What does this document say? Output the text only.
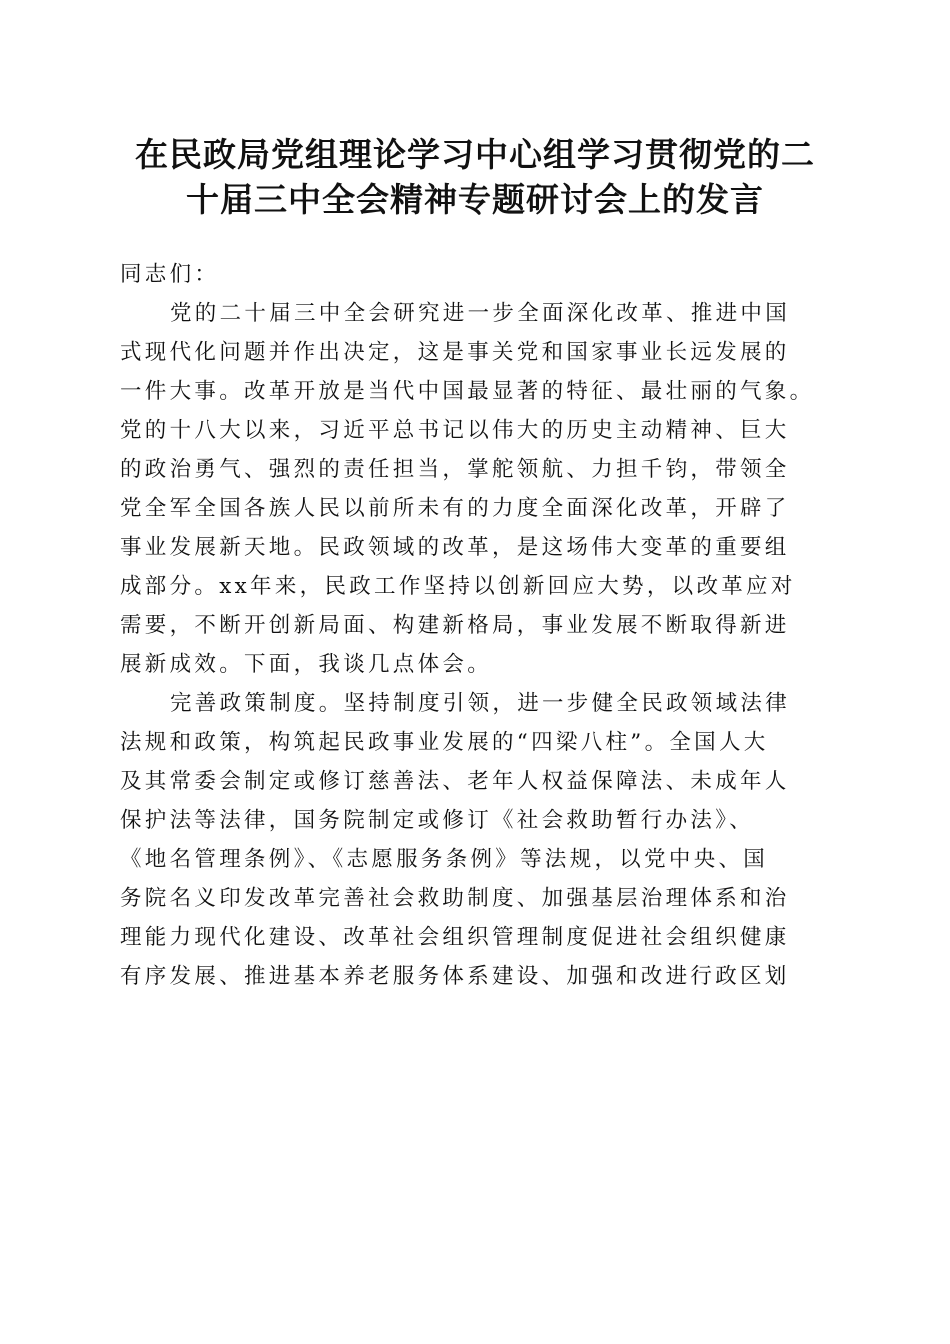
在民政局党组理论学习中心组学习贯彻党的二
十届三中全会精神专题研讨会上的发言
同志们：
党的二十届三中全会研究进一步全面深化改革、推进中国
式现代化问题并作出决定，这是事关党和国家事业长远发展的
一件大事。改革开放是当代中国最显著的特征、最壮丽的气象。
党的十八大以来，习近平总书记以伟大的历史主动精神、巨大
的政治勇气、强烈的责任担当，掌舵领航、力担千钧，带领全
党全军全国各族人民以前所未有的力度全面深化改革，开辟了
事业发展新天地。民政领域的改革，是这场伟大变革的重要组
成部分。xx年来，民政工作坚持以创新回应大势，以改革应对
需要，不断开创新局面、构建新格局，事业发展不断取得新进
展新成效。下面，我谈几点体会。
完善政策制度。坚持制度引领，进一步健全民政领域法律
法规和政策，构筑起民政事业发展的“四梁八柱”。全国人大
及其常委会制定或修订慈善法、老年人权益保障法、未成年人
保护法等法律，国务院制定或修订《社会救助暂行办法》、
《地名管理条例》、《志愿服务条例》等法规，以党中央、国
务院名义印发改革完善社会救助制度、加强基层治理体系和治
理能力现代化建设、改革社会组织管理制度促进社会组织健康
有序发展、推进基本养老服务体系建设、加强和改进行政区划
